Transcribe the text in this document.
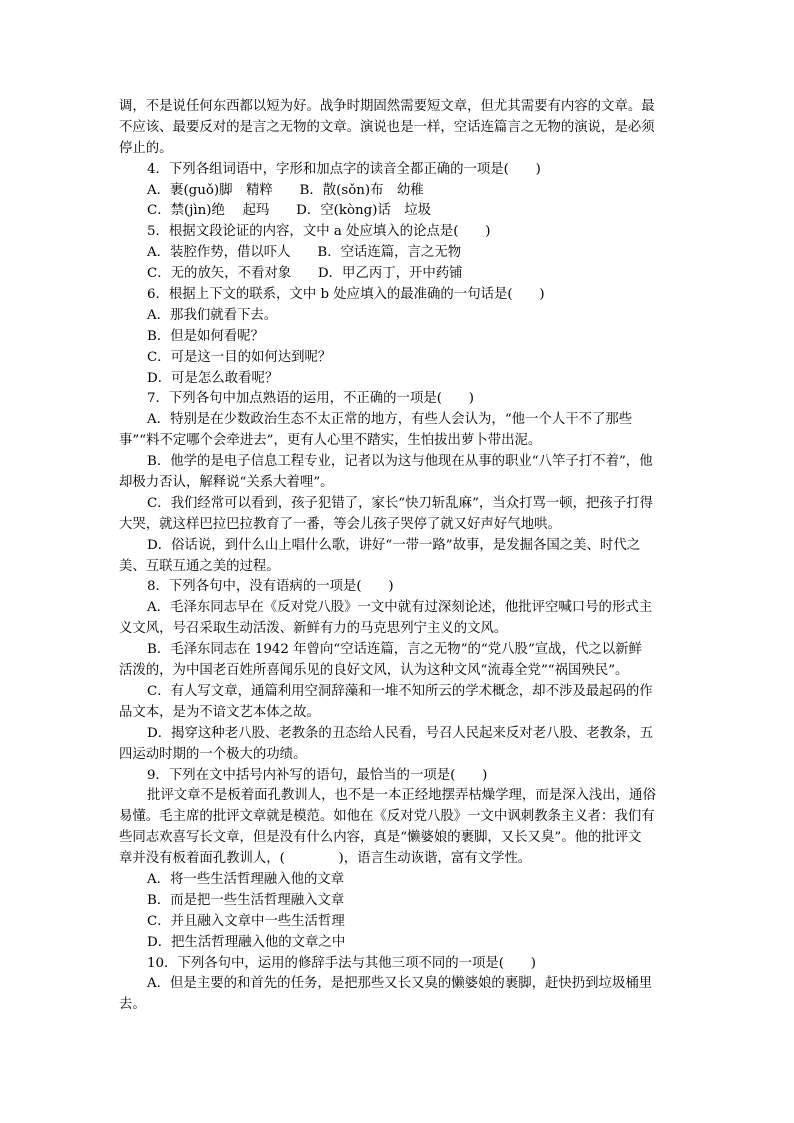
调，不是说任何东西都以短为好。战争时期固然需要短文章，但尤其需要有内容的文章。最
不应该、最要反对的是言之无物的文章。演说也是一样，空话连篇言之无物的演说，是必须
停止的。
4．下列各组词语中，字形和加点字的读音全都正确的一项是(　　)
A．裹(guǒ)脚　精粹　　B．散(sǒn)布　幼稚
C．禁(jìn)绝　 起玛　　D．空(kòng)话　垃圾
5．根据文段论证的内容，文中 a 处应填入的论点是(　　)
A．装腔作势，借以吓人　　B．空话连篇，言之无物
C．无的放矢，不看对象　　D．甲乙丙丁，开中药铺
6．根据上下文的联系，文中 b 处应填入的最准确的一句话是(　　)
A．那我们就看下去。
B．但是如何看呢？
C．可是这一目的如何达到呢？
D．可是怎么敢看呢？
7．下列各句中加点熟语的运用，不正确的一项是(　　)
A．特别是在少数政治生态不太正常的地方，有些人会认为，“他一个人干不了那些
事”“料不定哪个会牵进去”，更有人心里不踏实，生怕拔出萝卜带出泥。
B．他学的是电子信息工程专业，记者以为这与他现在从事的职业“八竿子打不着”，他
却极力否认，解释说“关系大着哩”。
C．我们经常可以看到，孩子犯错了，家长“快刀斩乱麻”，当众打骂一顿，把孩子打得
大哭，就这样巴拉巴拉教育了一番，等会儿孩子哭停了就又好声好气地哄。
D．俗话说，到什么山上唱什么歌，讲好“一带一路”故事，是发掘各国之美、时代之
美、互联互通之美的过程。
8．下列各句中，没有语病的一项是(　　)
A．毛泽东同志早在《反对党八股》一文中就有过深刻论述，他批评空喊口号的形式主
义文风，号召采取生动活泼、新鲜有力的马克思列宁主义的文风。
B．毛泽东同志在 1942 年曾向“空话连篇，言之无物”的“党八股”宣战，代之以新鲜
活泼的，为中国老百姓所喜闻乐见的良好文风，认为这种文风“流毒全党”“祸国殃民”。
C．有人写文章，通篇利用空洞辞藻和一堆不知所云的学术概念，却不涉及最起码的作
品文本，是为不谙文艺本体之故。
D．揭穿这种老八股、老教条的丑态给人民看，号召人民起来反对老八股、老教条，五
四运动时期的一个极大的功绩。
9．下列在文中括号内补写的语句，最恰当的一项是(　　)
批评文章不是板着面孔教训人，也不是一本正经地摆弄枯燥学理，而是深入浅出，通俗
易懂。毛主席的批评文章就是模范。如他在《反对党八股》一文中讽刺教条主义者：我们有
些同志欢喜写长文章，但是没有什么内容，真是“懒婆娘的裹脚，又长又臭”。他的批评文
章并没有板着面孔教训人，(　　　　)，语言生动诙谐，富有文学性。
A．将一些生活哲理融入他的文章
B．而是把一些生活哲理融入文章
C．并且融入文章中一些生活哲理
D．把生活哲理融入他的文章之中
10．下列各句中，运用的修辞手法与其他三项不同的一项是(　　)
A．但是主要的和首先的任务，是把那些又长又臭的懒婆娘的裹脚，赶快扔到垃圾桶里
去。
